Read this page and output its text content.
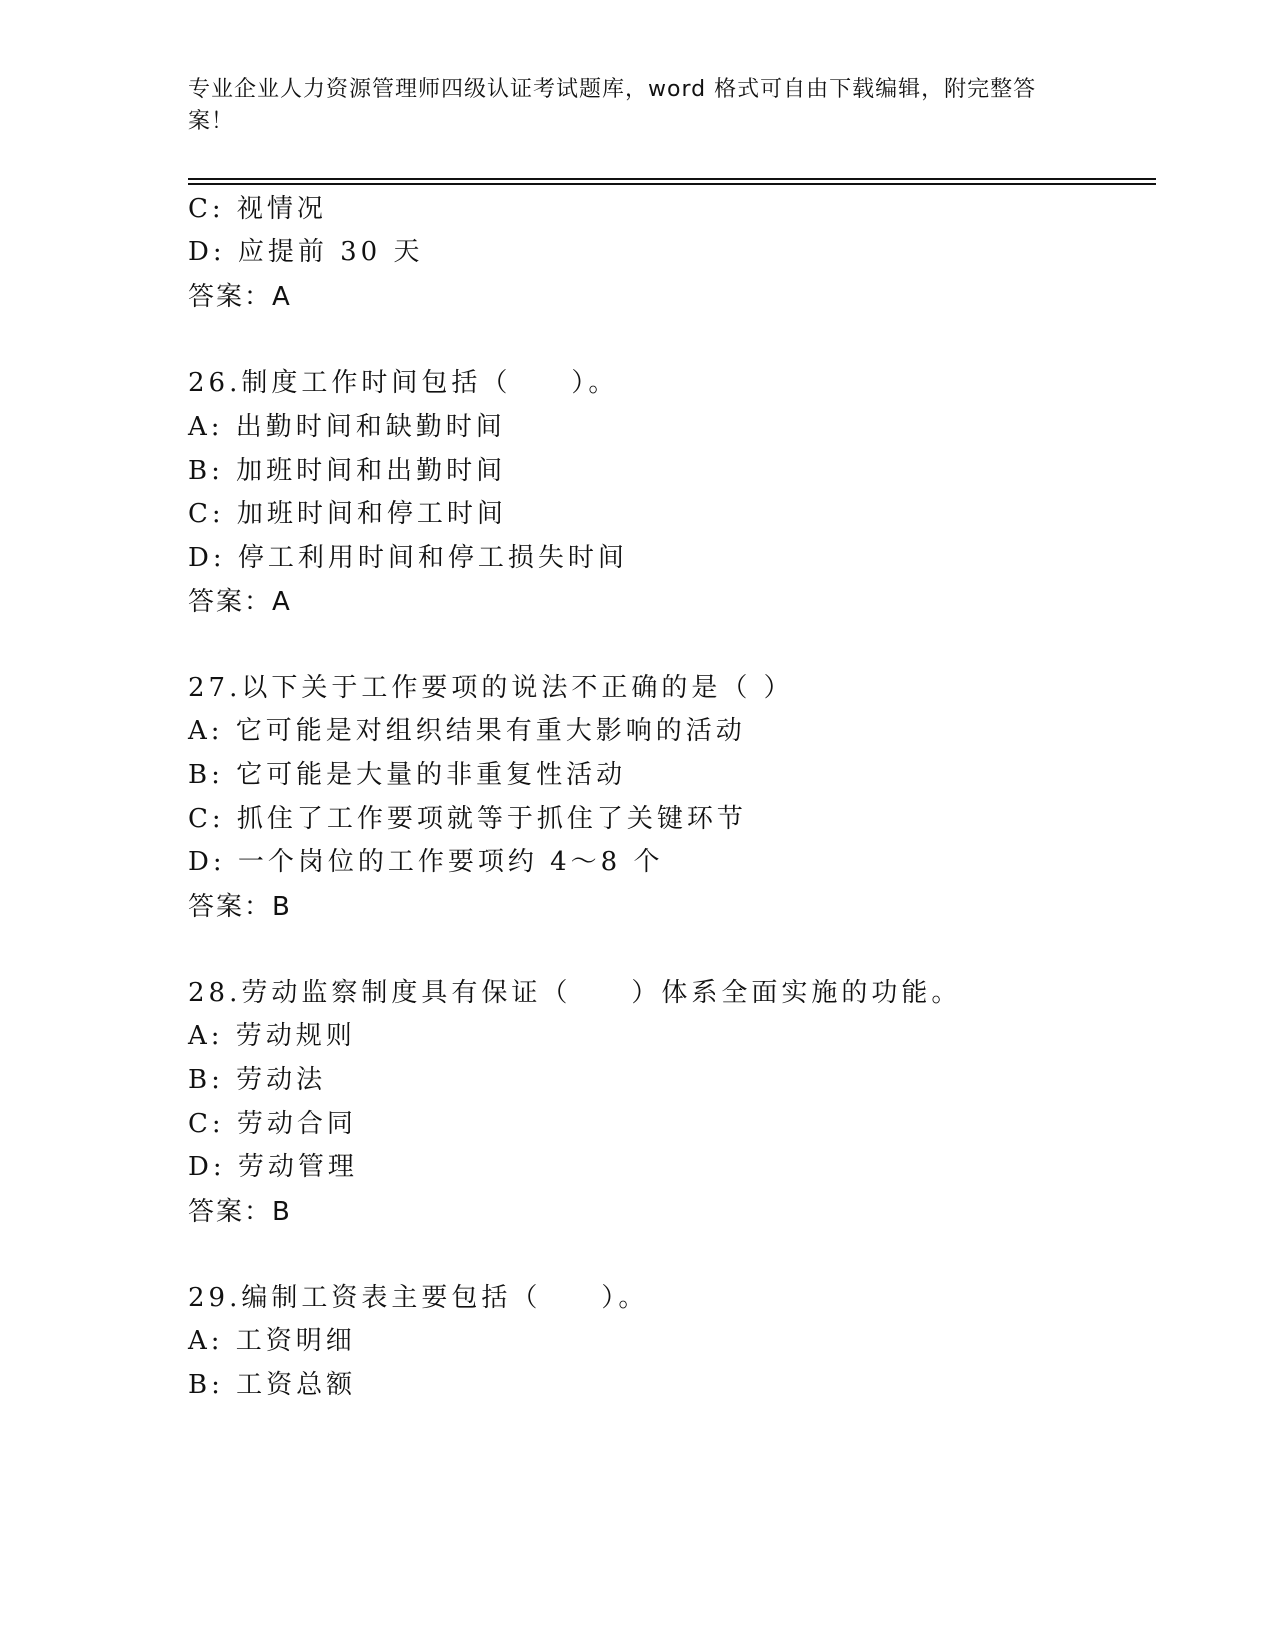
专业企业人力资源管理师四级认证考试题库，word 格式可自由下载编辑，附完整答案！
C: 视情况
D: 应提前 30 天
答案：A
26.制度工作时间包括（　　）。
A: 出勤时间和缺勤时间
B: 加班时间和出勤时间
C: 加班时间和停工时间
D: 停工利用时间和停工损失时间
答案：A
27.以下关于工作要项的说法不正确的是（ ）
A: 它可能是对组织结果有重大影响的活动
B: 它可能是大量的非重复性活动
C: 抓住了工作要项就等于抓住了关键环节
D: 一个岗位的工作要项约 4～8 个
答案：B
28.劳动监察制度具有保证（　　）体系全面实施的功能。
A: 劳动规则
B: 劳动法
C: 劳动合同
D: 劳动管理
答案：B
29.编制工资表主要包括（　　）。
A: 工资明细
B: 工资总额
